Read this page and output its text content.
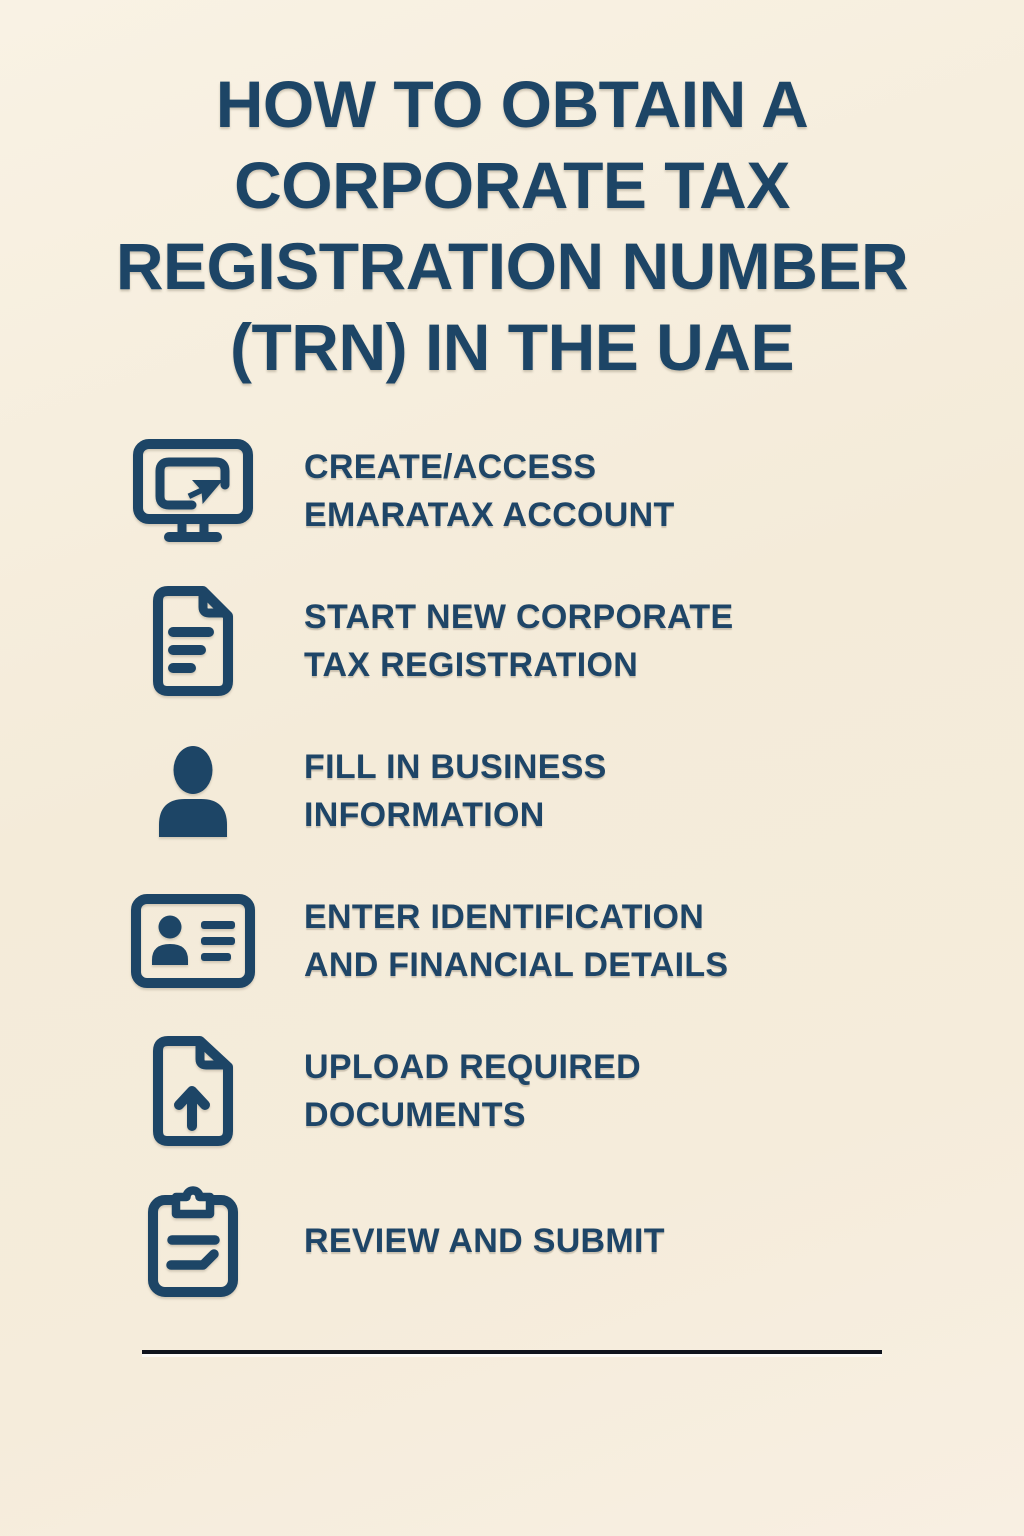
HOW TO OBTAIN A
CORPORATE TAX
REGISTRATION NUMBER
(TRN) IN THE UAE
CREATE/ACCESS
EMARATAX ACCOUNT
START NEW CORPORATE
TAX REGISTRATION
FILL IN BUSINESS
INFORMATION
ENTER IDENTIFICATION
AND FINANCIAL DETAILS
UPLOAD REQUIRED
DOCUMENTS
REVIEW AND SUBMIT
